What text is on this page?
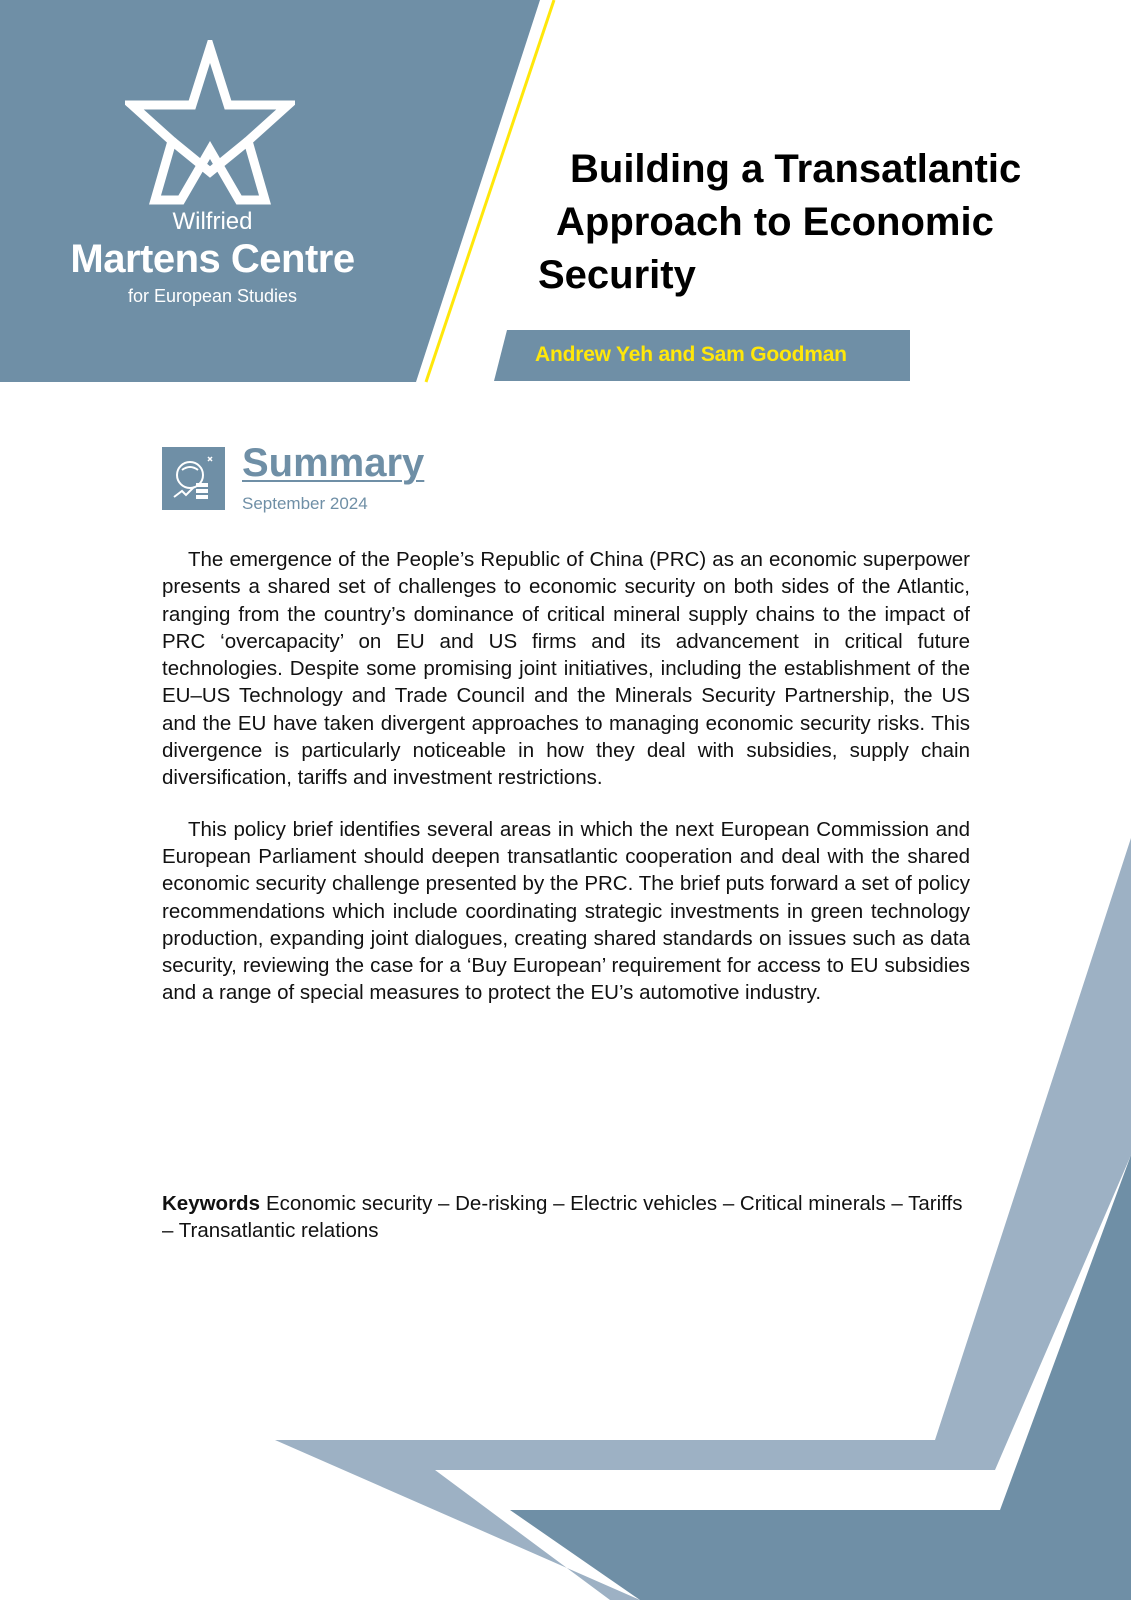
Wilfried
Martens Centre
for European Studies
Building a Transatlantic
Approach to Economic
Security
Andrew Yeh and Sam Goodman
Summary
September 2024

The emergence of the People’s Republic of China (PRC) as an economic superpower presents a shared set of challenges to economic security on both sides of the Atlantic, ranging from the country’s dominance of critical mineral supply chains to the impact of PRC ‘overcapacity’ on EU and US firms and its advancement in critical future technologies. Despite some promising joint initiatives, including the establishment of the EU–US Technology and Trade Council and the Minerals Security Partnership, the US and the EU have taken divergent approaches to managing economic security risks. This divergence is particularly noticeable in how they deal with subsidies, supply chain diversification, tariffs and investment restrictions.

This policy brief identifies several areas in which the next European Commission and European Parliament should deepen transatlantic cooperation and deal with the shared economic security challenge presented by the PRC. The brief puts forward a set of policy recommendations which include coordinating strategic investments in green technology production, expanding joint dialogues, creating shared standards on issues such as data security, reviewing the case for a ‘Buy European’ requirement for access to EU subsidies and a range of special measures to protect the EU’s automotive industry.

Keywords Economic security – De-risking – Electric vehicles – Critical minerals – Tariffs – Transatlantic relations
